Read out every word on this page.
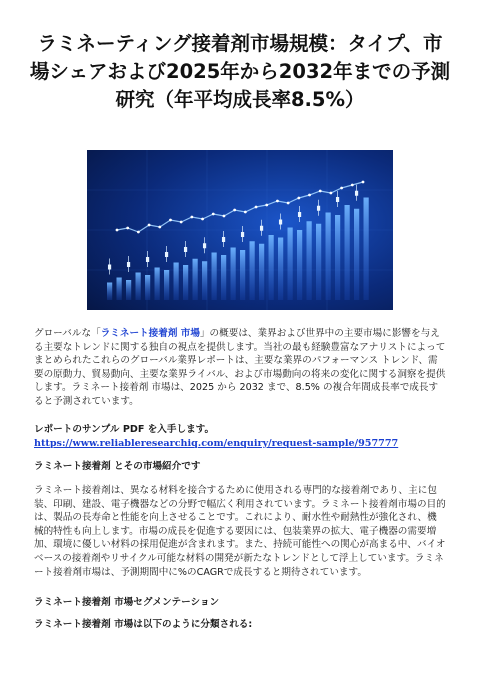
ラミネーティング接着剤市場規模：タイプ、市場シェアおよび2025年から2032年までの予測研究（年平均成長率8.5%）
グローバルな「ラミネート接着剤 市場」の概要は、業界および世界中の主要市場に影響を与える主要なトレンドに関する独自の視点を提供します。当社の最も経験豊富なアナリストによってまとめられたこれらのグローバル業界レポートは、主要な業界のパフォーマンス トレンド、需要の原動力、貿易動向、主要な業界ライバル、および市場動向の将来の変化に関する洞察を提供します。ラミネート接着剤 市場は、2025 から 2032 まで、8.5% の複合年間成長率で成長すると予測されています。
レポートのサンプル PDF を入手します。https://www.reliableresearchiq.com/enquiry/request-sample/957777
ラミネート接着剤 とその市場紹介です
ラミネート接着剤は、異なる材料を接合するために使用される専門的な接着剤であり、主に包装、印刷、建設、電子機器などの分野で幅広く利用されています。ラミネート接着剤市場の目的は、製品の長寿命と性能を向上させることです。これにより、耐水性や耐熱性が強化され、機械的特性も向上します。市場の成長を促進する要因には、包装業界の拡大、電子機器の需要増加、環境に優しい材料の採用促進が含まれます。また、持続可能性への関心が高まる中、バイオベースの接着剤やリサイクル可能な材料の開発が新たなトレンドとして浮上しています。ラミネート接着剤市場は、予測期間中に%のCAGRで成長すると期待されています。
ラミネート接着剤 市場セグメンテーション
ラミネート接着剤 市場は以下のように分類される:
